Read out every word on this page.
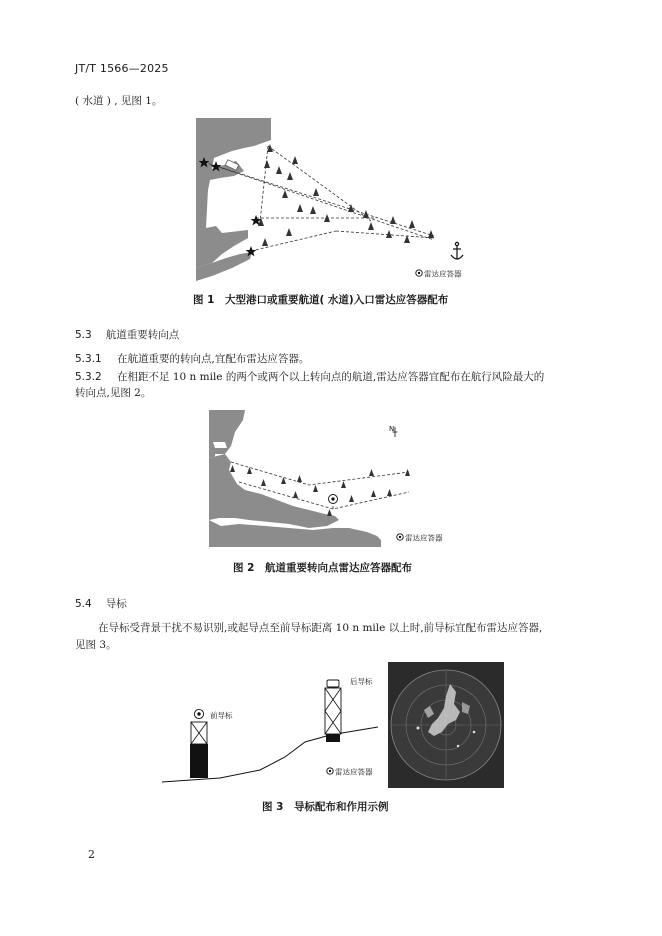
JT/T 1566—2025
( 水道 ) , 见图 1。
雷达应答器
图 1　大型港口或重要航道( 水道)入口雷达应答器配布
5.3 航道重要转向点
5.3.1 在航道重要的转向点,宜配布雷达应答器。
5.3.2 在相距不足 10 n mile 的两个或两个以上转向点的航道,雷达应答器宜配布在航行风险最大的
转向点,见图 2。
N
雷达应答器
图 2　航道重要转向点雷达应答器配布
5.4 导标
在导标受背景干扰不易识别,或起导点至前导标距离 10 n mile 以上时,前导标宜配布雷达应答器,
见图 3。
前导标
后导标
雷达应答器
图 3　导标配布和作用示例
2
